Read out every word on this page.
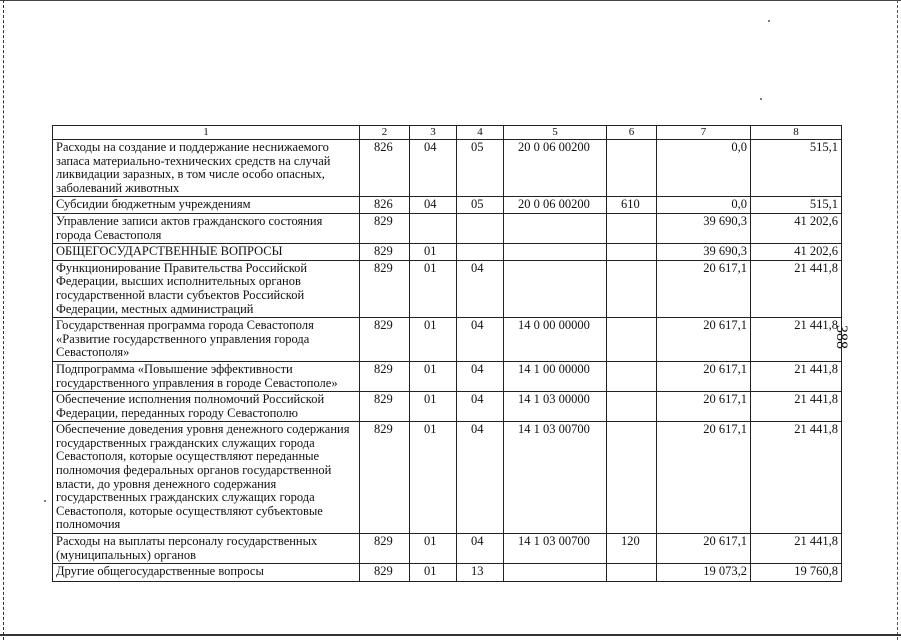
388
1	2	3	4	5	6	7	8
Расходы на создание и поддержание неснижаемого запаса материально-технических средств на случай ликвидации заразных, в том числе особо опасных, заболеваний животных	826	04	05	20 0 06 00200		0,0	515,1
Субсидии бюджетным учреждениям	826	04	05	20 0 06 00200	610	0,0	515,1
Управление записи актов гражданского состояния города Севастополя	829					39 690,3	41 202,6
ОБЩЕГОСУДАРСТВЕННЫЕ ВОПРОСЫ	829	01				39 690,3	41 202,6
Функционирование Правительства Российской Федерации, высших исполнительных органов государственной власти субъектов Российской Федерации, местных администраций	829	01	04			20 617,1	21 441,8
Государственная программа города Севастополя «Развитие государственного управления города Севастополя»	829	01	04	14 0 00 00000		20 617,1	21 441,8
Подпрограмма «Повышение эффективности государственного управления в городе Севастополе»	829	01	04	14 1 00 00000		20 617,1	21 441,8
Обеспечение исполнения полномочий Российской Федерации, переданных городу Севастополю	829	01	04	14 1 03 00000		20 617,1	21 441,8
Обеспечение доведения уровня денежного содержания государственных гражданских служащих города Севастополя, которые осуществляют переданные полномочия федеральных органов государственной власти, до уровня денежного содержания государственных гражданских служащих города Севастополя, которые осуществляют субъектовые полномочия	829	01	04	14 1 03 00700		20 617,1	21 441,8
Расходы на выплаты персоналу государственных (муниципальных) органов	829	01	04	14 1 03 00700	120	20 617,1	21 441,8
Другие общегосударственные вопросы	829	01	13			19 073,2	19 760,8
